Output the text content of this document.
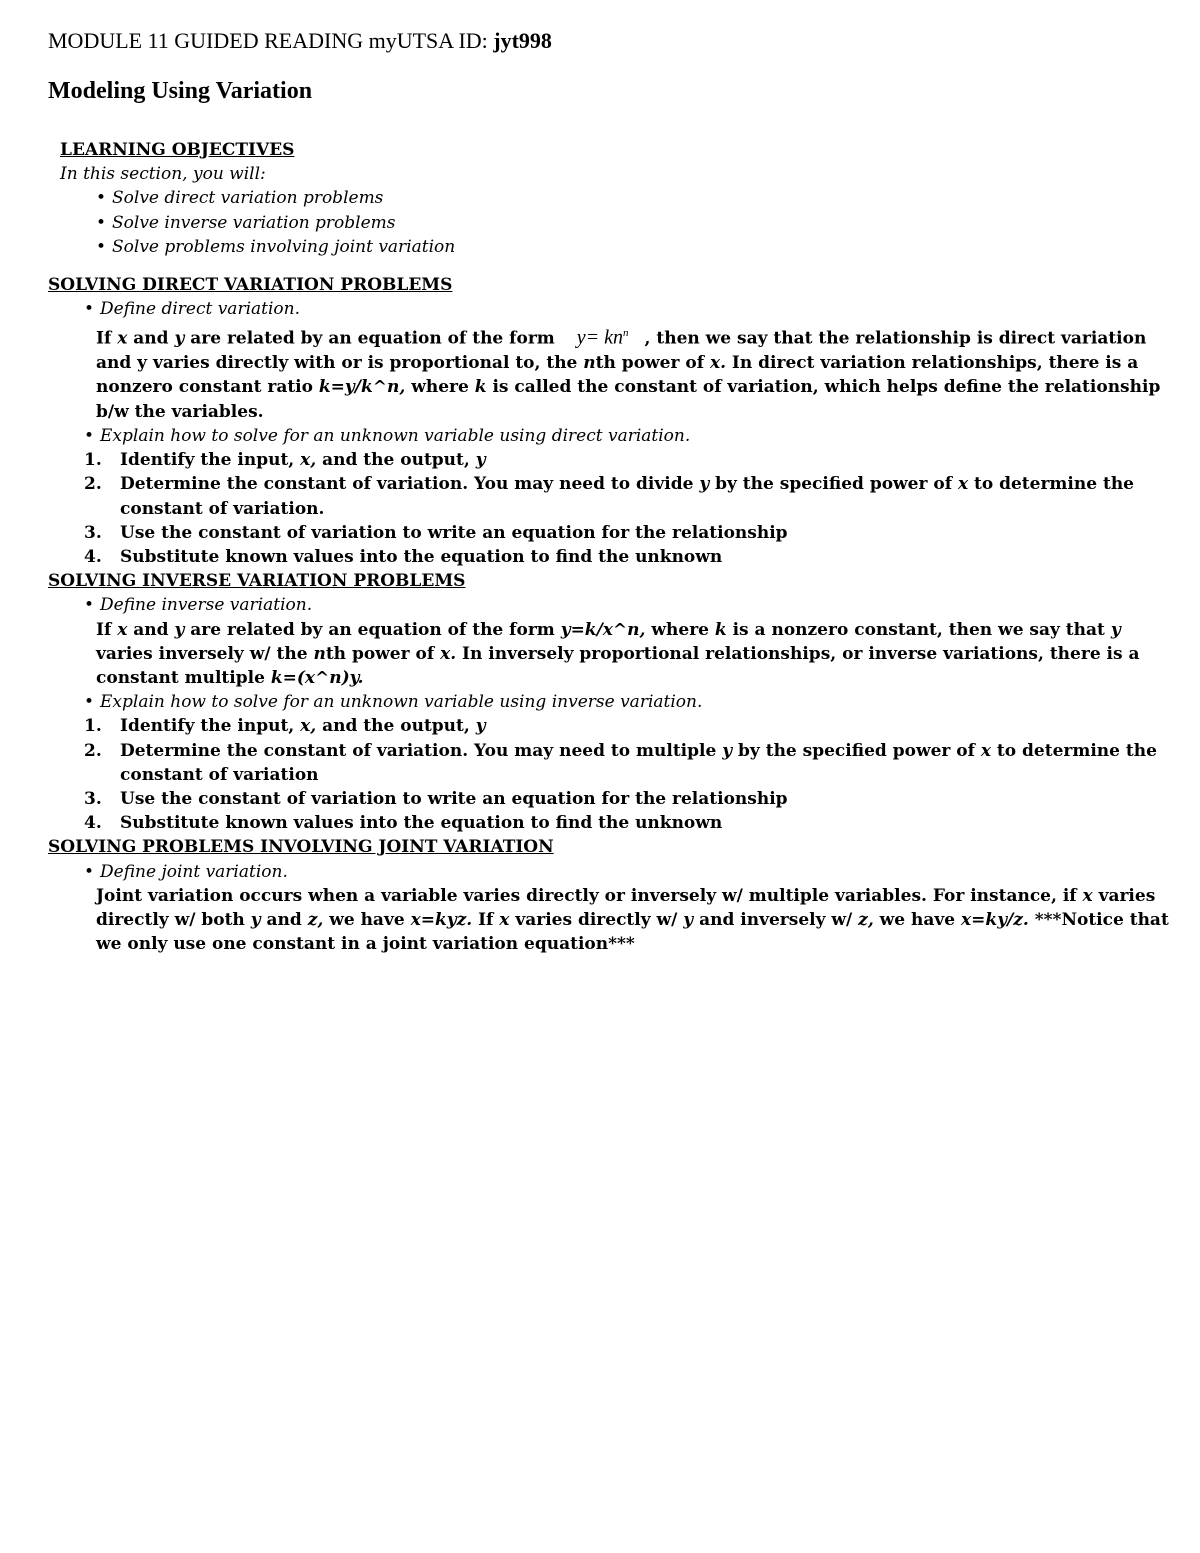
MODULE 11 GUIDED READING myUTSA ID: jyt998
Modeling Using Variation
LEARNING OBJECTIVES
In this section, you will:
• Solve direct variation problems
• Solve inverse variation problems
• Solve problems involving joint variation
SOLVING DIRECT VARIATION PROBLEMS
• Define direct variation.
If x and y are related by an equation of the form $y= kn^n$ , then we say that the relationship is direct variation and y varies directly with or is proportional to, the nth power of x. In direct variation relationships, there is a nonzero constant ratio k=y/k^n, where k is called the constant of variation, which helps define the relationship b/w the variables.
• Explain how to solve for an unknown variable using direct variation.
1.	Identify the input, x, and the output, y
2.	Determine the constant of variation. You may need to divide y by the specified power of x to determine the constant of variation.
3.	Use the constant of variation to write an equation for the relationship
4.	Substitute known values into the equation to find the unknown
SOLVING INVERSE VARIATION PROBLEMS
• Define inverse variation.
If x and y are related by an equation of the form y=k/x^n, where k is a nonzero constant, then we say that y varies inversely w/ the nth power of x. In inversely proportional relationships, or inverse variations, there is a constant multiple k=(x^n)y.
• Explain how to solve for an unknown variable using inverse variation.
1.	Identify the input, x, and the output, y
2.	Determine the constant of variation. You may need to multiple y by the specified power of x to determine the constant of variation
3.	Use the constant of variation to write an equation for the relationship
4.	Substitute known values into the equation to find the unknown
SOLVING PROBLEMS INVOLVING JOINT VARIATION
• Define joint variation.
Joint variation occurs when a variable varies directly or inversely w/ multiple variables. For instance, if x varies directly w/ both y and z, we have x=kyz. If x varies directly w/ y and inversely w/ z, we have x=ky/z. ***Notice that we only use one constant in a joint variation equation***
